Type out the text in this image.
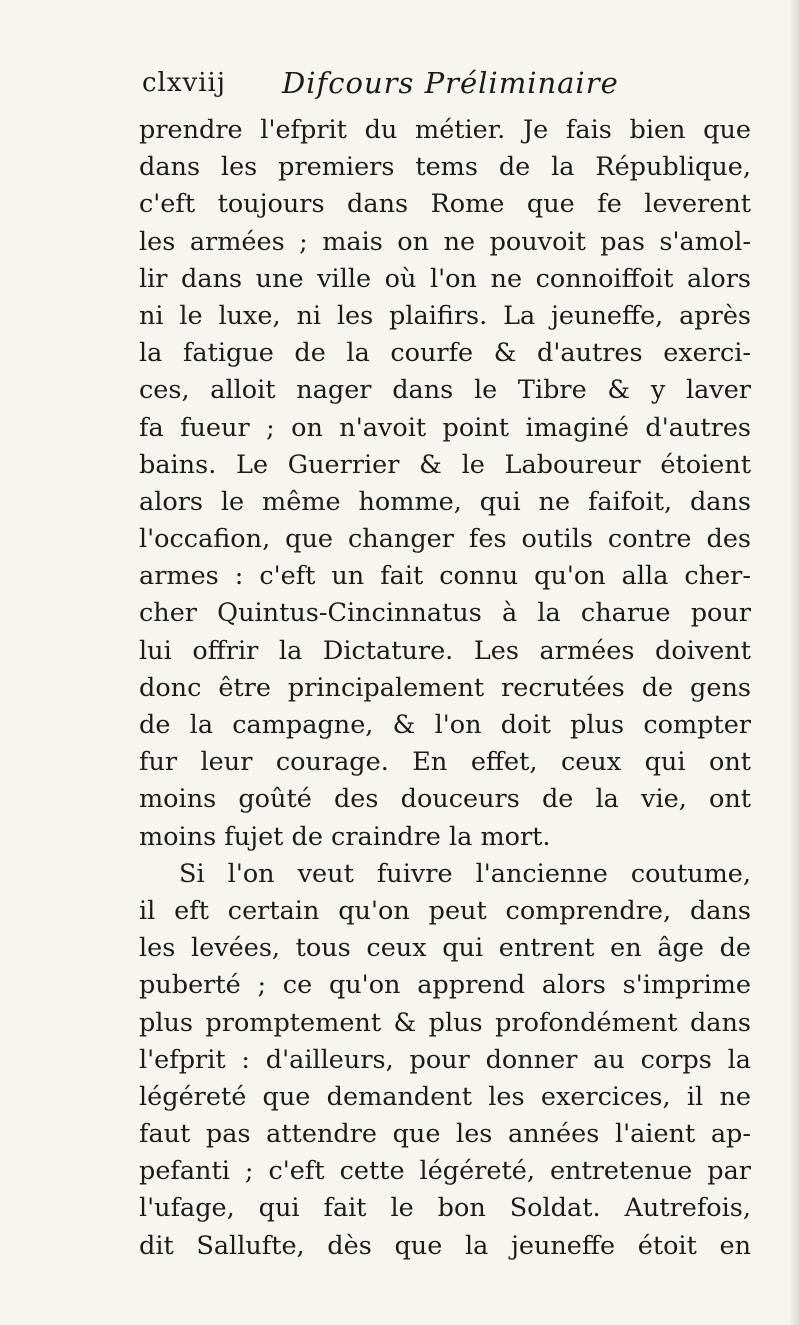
clxviij Difcours Préliminaire
prendre l'efprit du métier. Je fais bien que
dans les premiers tems de la République,
c'eft toujours dans Rome que fe leverent
les armées ; mais on ne pouvoit pas s'amol-
lir dans une ville où l'on ne connoiffoit alors
ni le luxe, ni les plaifirs. La jeuneffe, après
la fatigue de la courfe & d'autres exerci-
ces, alloit nager dans le Tibre & y laver
fa fueur ; on n'avoit point imaginé d'autres
bains. Le Guerrier & le Laboureur étoient
alors le même homme, qui ne faifoit, dans
l'occafion, que changer fes outils contre des
armes : c'eft un fait connu qu'on alla cher-
cher Quintus-Cincinnatus à la charue pour
lui offrir la Dictature. Les armées doivent
donc être principalement recrutées de gens
de la campagne, & l'on doit plus compter
fur leur courage. En effet, ceux qui ont
moins goûté des douceurs de la vie, ont
moins fujet de craindre la mort.
Si l'on veut fuivre l'ancienne coutume,
il eft certain qu'on peut comprendre, dans
les levées, tous ceux qui entrent en âge de
puberté ; ce qu'on apprend alors s'imprime
plus promptement & plus profondément dans
l'efprit : d'ailleurs, pour donner au corps la
légéreté que demandent les exercices, il ne
faut pas attendre que les années l'aient ap-
pefanti ; c'eft cette légéreté, entretenue par
l'ufage, qui fait le bon Soldat. Autrefois,
dit Sallufte, dès que la jeuneffe étoit en
